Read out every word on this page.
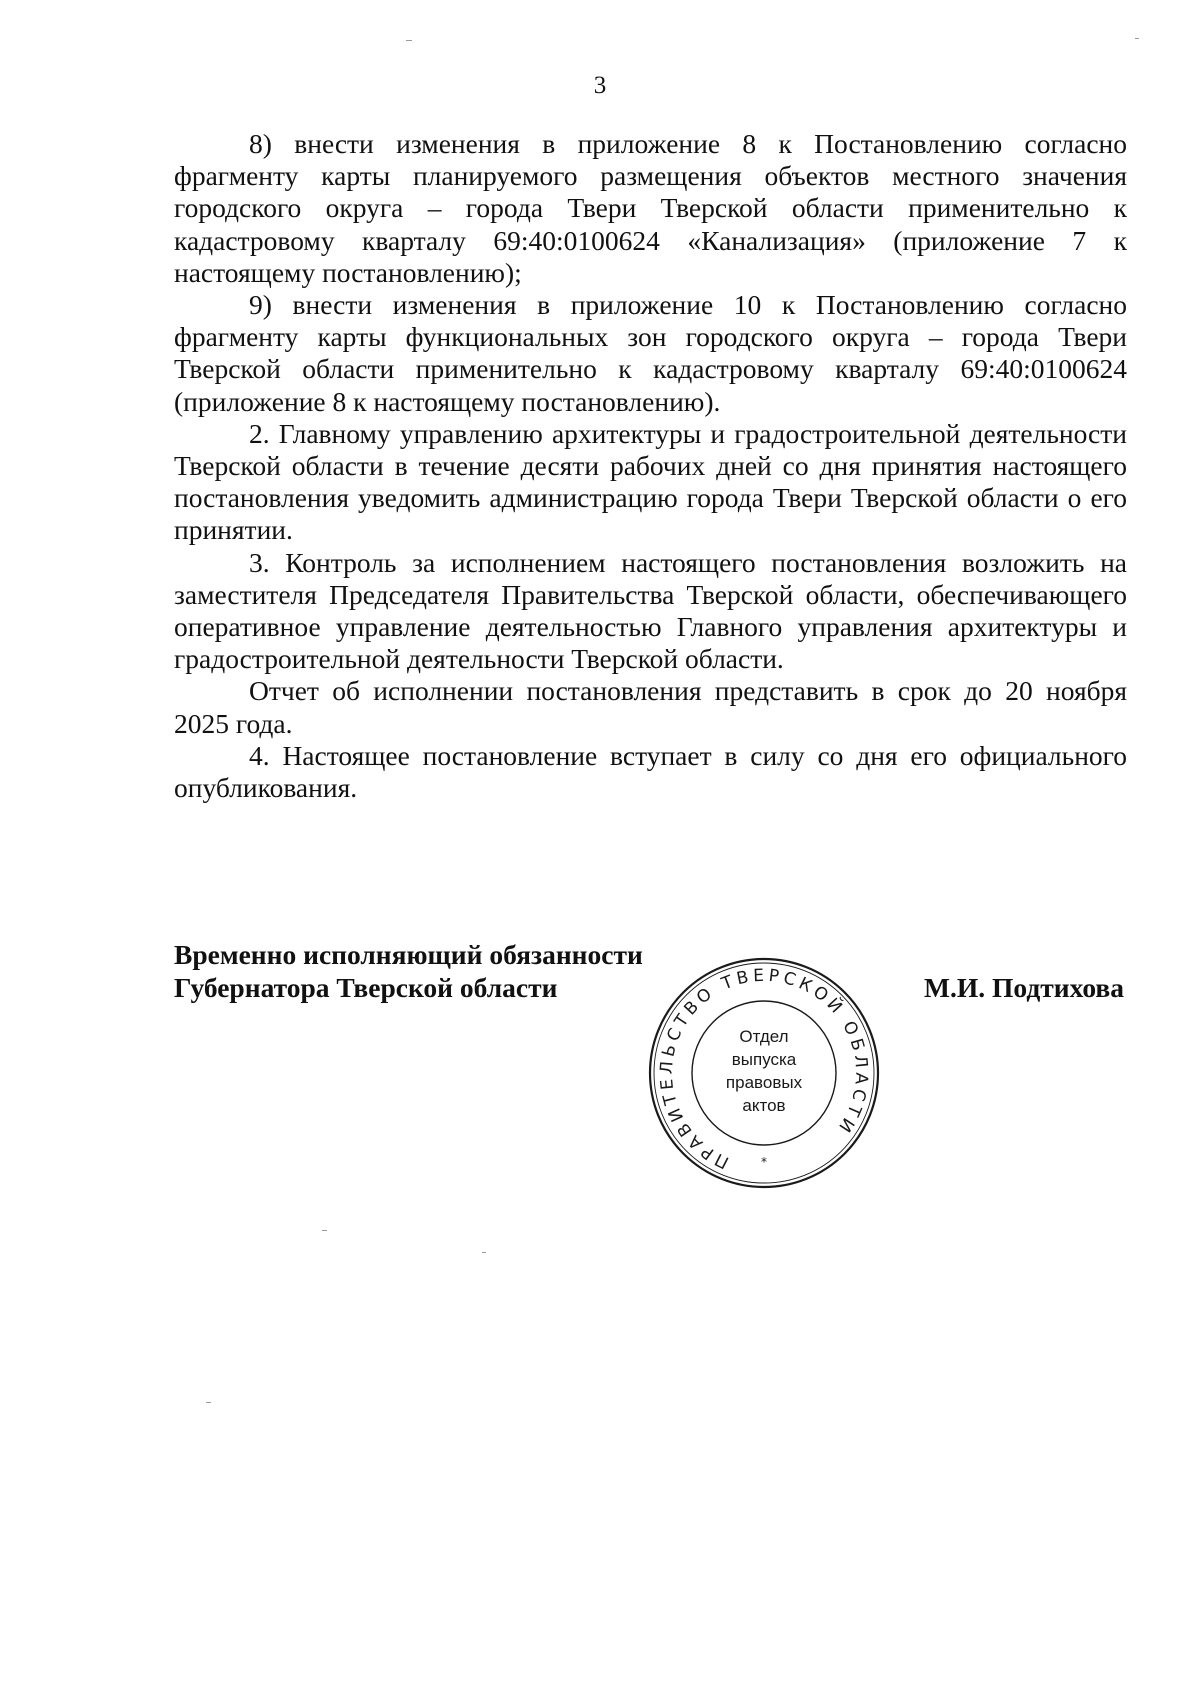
3

8) внести изменения в приложение 8 к Постановлению согласно фрагменту карты планируемого размещения объектов местного значения городского округа – города Твери Тверской области применительно к кадастровому кварталу 69:40:0100624 «Канализация» (приложение 7 к настоящему постановлению);

9) внести изменения в приложение 10 к Постановлению согласно фрагменту карты функциональных зон городского округа – города Твери Тверской области применительно к кадастровому кварталу 69:40:0100624 (приложение 8 к настоящему постановлению).

2. Главному управлению архитектуры и градостроительной деятельности Тверской области в течение десяти рабочих дней со дня принятия настоящего постановления уведомить администрацию города Твери Тверской области о его принятии.

3. Контроль за исполнением настоящего постановления возложить на заместителя Председателя Правительства Тверской области, обеспечивающего оперативное управление деятельностью Главного управления архитектуры и градостроительной деятельности Тверской области.

Отчет об исполнении постановления представить в срок до 20 ноября 2025 года.

4. Настоящее постановление вступает в силу со дня его официального опубликования.

Временно исполняющий обязанности
Губернатора Тверской области	М.И. Подтихова
ПРАВИТЕЛЬСТВО ТВЕРСКОЙ ОБЛАСТИ
Отдел
выпуска
правовых
актов
*
